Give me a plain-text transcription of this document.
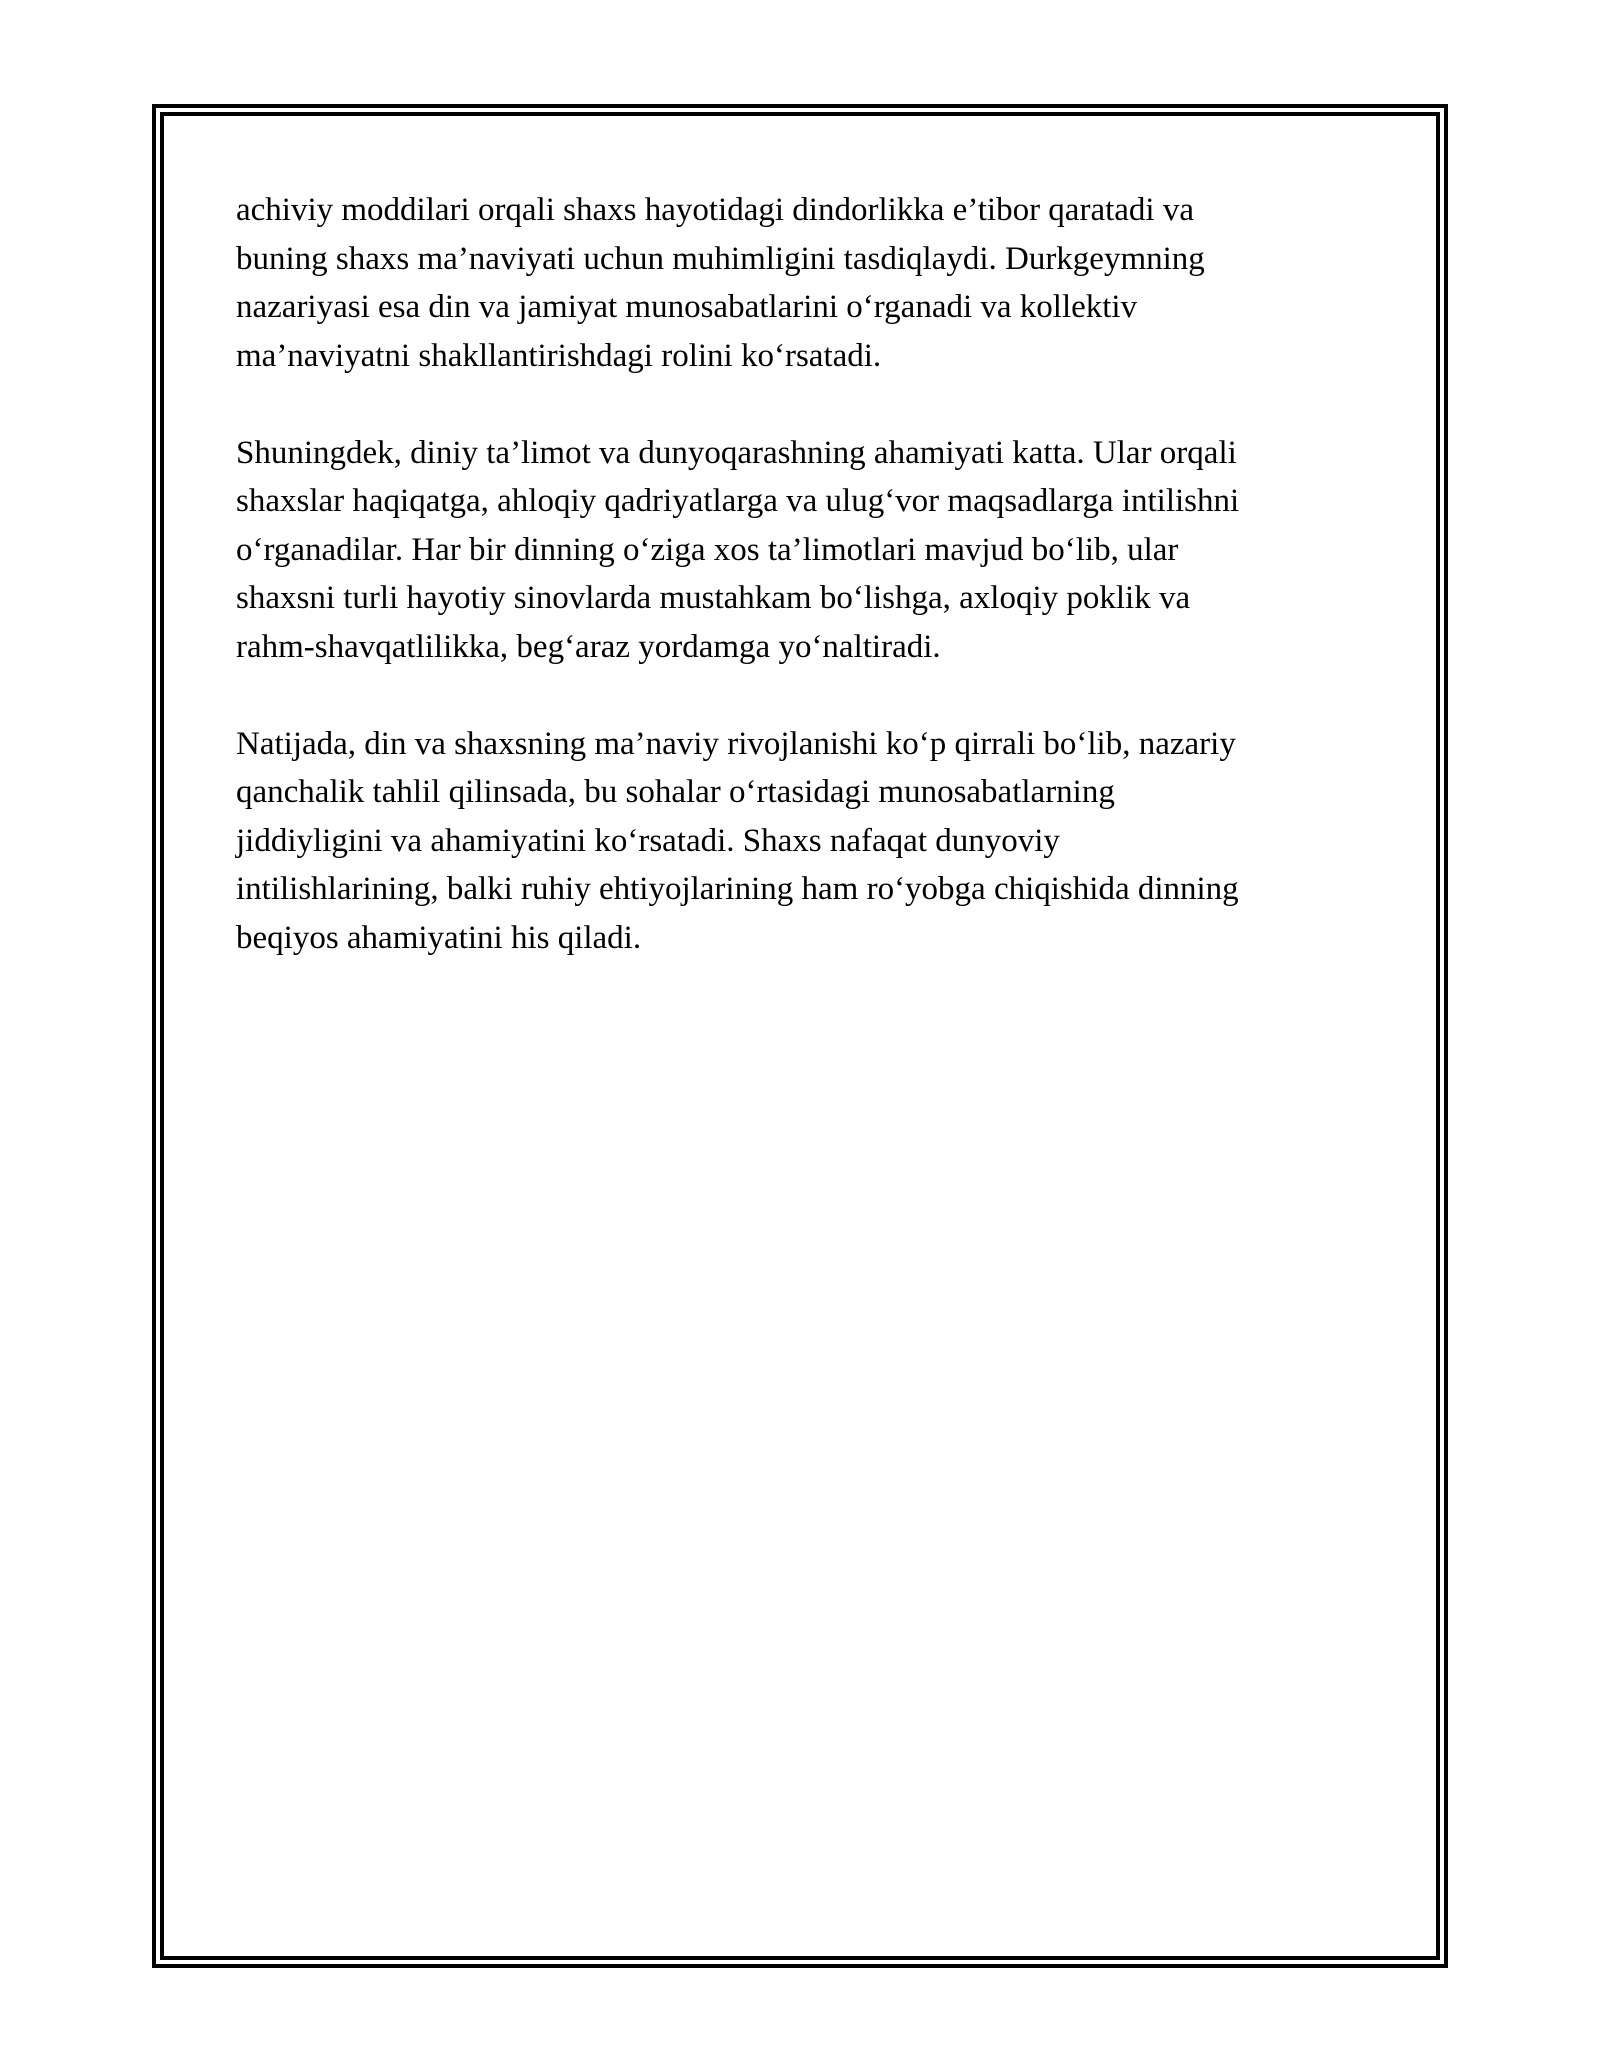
achiviy moddilari orqali shaxs hayotidagi dindorlikka e’tibor qaratadi va
buning shaxs ma’naviyati uchun muhimligini tasdiqlaydi. Durkgeymning
nazariyasi esa din va jamiyat munosabatlarini o‘rganadi va kollektiv
ma’naviyatni shakllantirishdagi rolini ko‘rsatadi.

Shuningdek, diniy ta’limot va dunyoqarashning ahamiyati katta. Ular orqali
shaxslar haqiqatga, ahloqiy qadriyatlarga va ulug‘vor maqsadlarga intilishni
o‘rganadilar. Har bir dinning o‘ziga xos ta’limotlari mavjud bo‘lib, ular
shaxsni turli hayotiy sinovlarda mustahkam bo‘lishga, axloqiy poklik va
rahm-shavqatlilikka, beg‘araz yordamga yo‘naltiradi.

Natijada, din va shaxsning ma’naviy rivojlanishi ko‘p qirrali bo‘lib, nazariy
qanchalik tahlil qilinsada, bu sohalar o‘rtasidagi munosabatlarning
jiddiyligini va ahamiyatini ko‘rsatadi. Shaxs nafaqat dunyoviy
intilishlarining, balki ruhiy ehtiyojlarining ham ro‘yobga chiqishida dinning
beqiyos ahamiyatini his qiladi.
